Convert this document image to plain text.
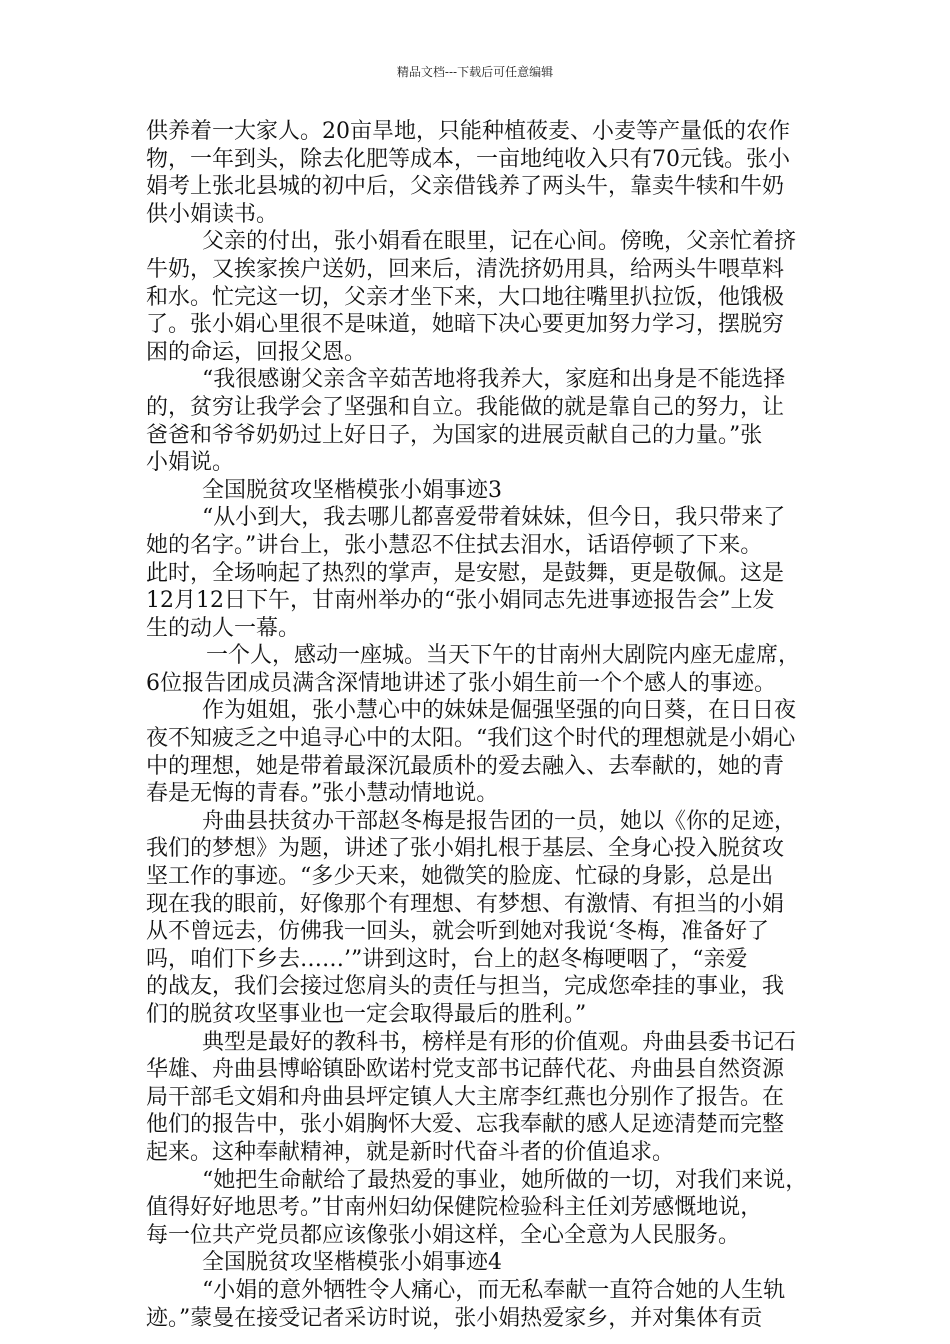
精品文档---下载后可任意编辑
供养着一大家人。20亩旱地，只能种植莜麦、小麦等产量低的农作
物，一年到头，除去化肥等成本，一亩地纯收入只有70元钱。张小
娟考上张北县城的初中后，父亲借钱养了两头牛，靠卖牛犊和牛奶
供小娟读书。
父亲的付出，张小娟看在眼里，记在心间。傍晚，父亲忙着挤
牛奶，又挨家挨户送奶，回来后，清洗挤奶用具，给两头牛喂草料
和水。忙完这一切，父亲才坐下来，大口地往嘴里扒拉饭，他饿极
了。张小娟心里很不是味道，她暗下决心要更加努力学习，摆脱穷
困的命运，回报父恩。
“我很感谢父亲含辛茹苦地将我养大，家庭和出身是不能选择
的，贫穷让我学会了坚强和自立。我能做的就是靠自己的努力，让
爸爸和爷爷奶奶过上好日子，为国家的进展贡献自己的力量。”张
小娟说。
全国脱贫攻坚楷模张小娟事迹3
“从小到大，我去哪儿都喜爱带着妹妹，但今日，我只带来了
她的名字。”讲台上，张小慧忍不住拭去泪水，话语停顿了下来。
此时，全场响起了热烈的掌声，是安慰，是鼓舞，更是敬佩。这是
12月12日下午，甘南州举办的“张小娟同志先进事迹报告会”上发
生的动人一幕。
一个人，感动一座城。当天下午的甘南州大剧院内座无虚席，
6位报告团成员满含深情地讲述了张小娟生前一个个感人的事迹。
作为姐姐，张小慧心中的妹妹是倔强坚强的向日葵，在日日夜
夜不知疲乏之中追寻心中的太阳。“我们这个时代的理想就是小娟心
中的理想，她是带着最深沉最质朴的爱去融入、去奉献的，她的青
春是无悔的青春。”张小慧动情地说。
舟曲县扶贫办干部赵冬梅是报告团的一员，她以《你的足迹，
我们的梦想》为题，讲述了张小娟扎根于基层、全身心投入脱贫攻
坚工作的事迹。“多少天来，她微笑的脸庞、忙碌的身影，总是出
现在我的眼前，好像那个有理想、有梦想、有激情、有担当的小娟
从不曾远去，仿佛我一回头，就会听到她对我说‘冬梅，准备好了
吗，咱们下乡去……’”讲到这时，台上的赵冬梅哽咽了，“亲爱
的战友，我们会接过您肩头的责任与担当，完成您牵挂的事业，我
们的脱贫攻坚事业也一定会取得最后的胜利。”
典型是最好的教科书，榜样是有形的价值观。舟曲县委书记石
华雄、舟曲县博峪镇卧欧诺村党支部书记薛代花、舟曲县自然资源
局干部毛文娟和舟曲县坪定镇人大主席李红燕也分别作了报告。在
他们的报告中，张小娟胸怀大爱、忘我奉献的感人足迹清楚而完整
起来。这种奉献精神，就是新时代奋斗者的价值追求。
“她把生命献给了最热爱的事业，她所做的一切，对我们来说，
值得好好地思考。”甘南州妇幼保健院检验科主任刘芳感慨地说，
每一位共产党员都应该像张小娟这样，全心全意为人民服务。
全国脱贫攻坚楷模张小娟事迹4
“小娟的意外牺牲令人痛心，而无私奉献一直符合她的人生轨
迹。”蒙曼在接受记者采访时说，张小娟热爱家乡，并对集体有贡
